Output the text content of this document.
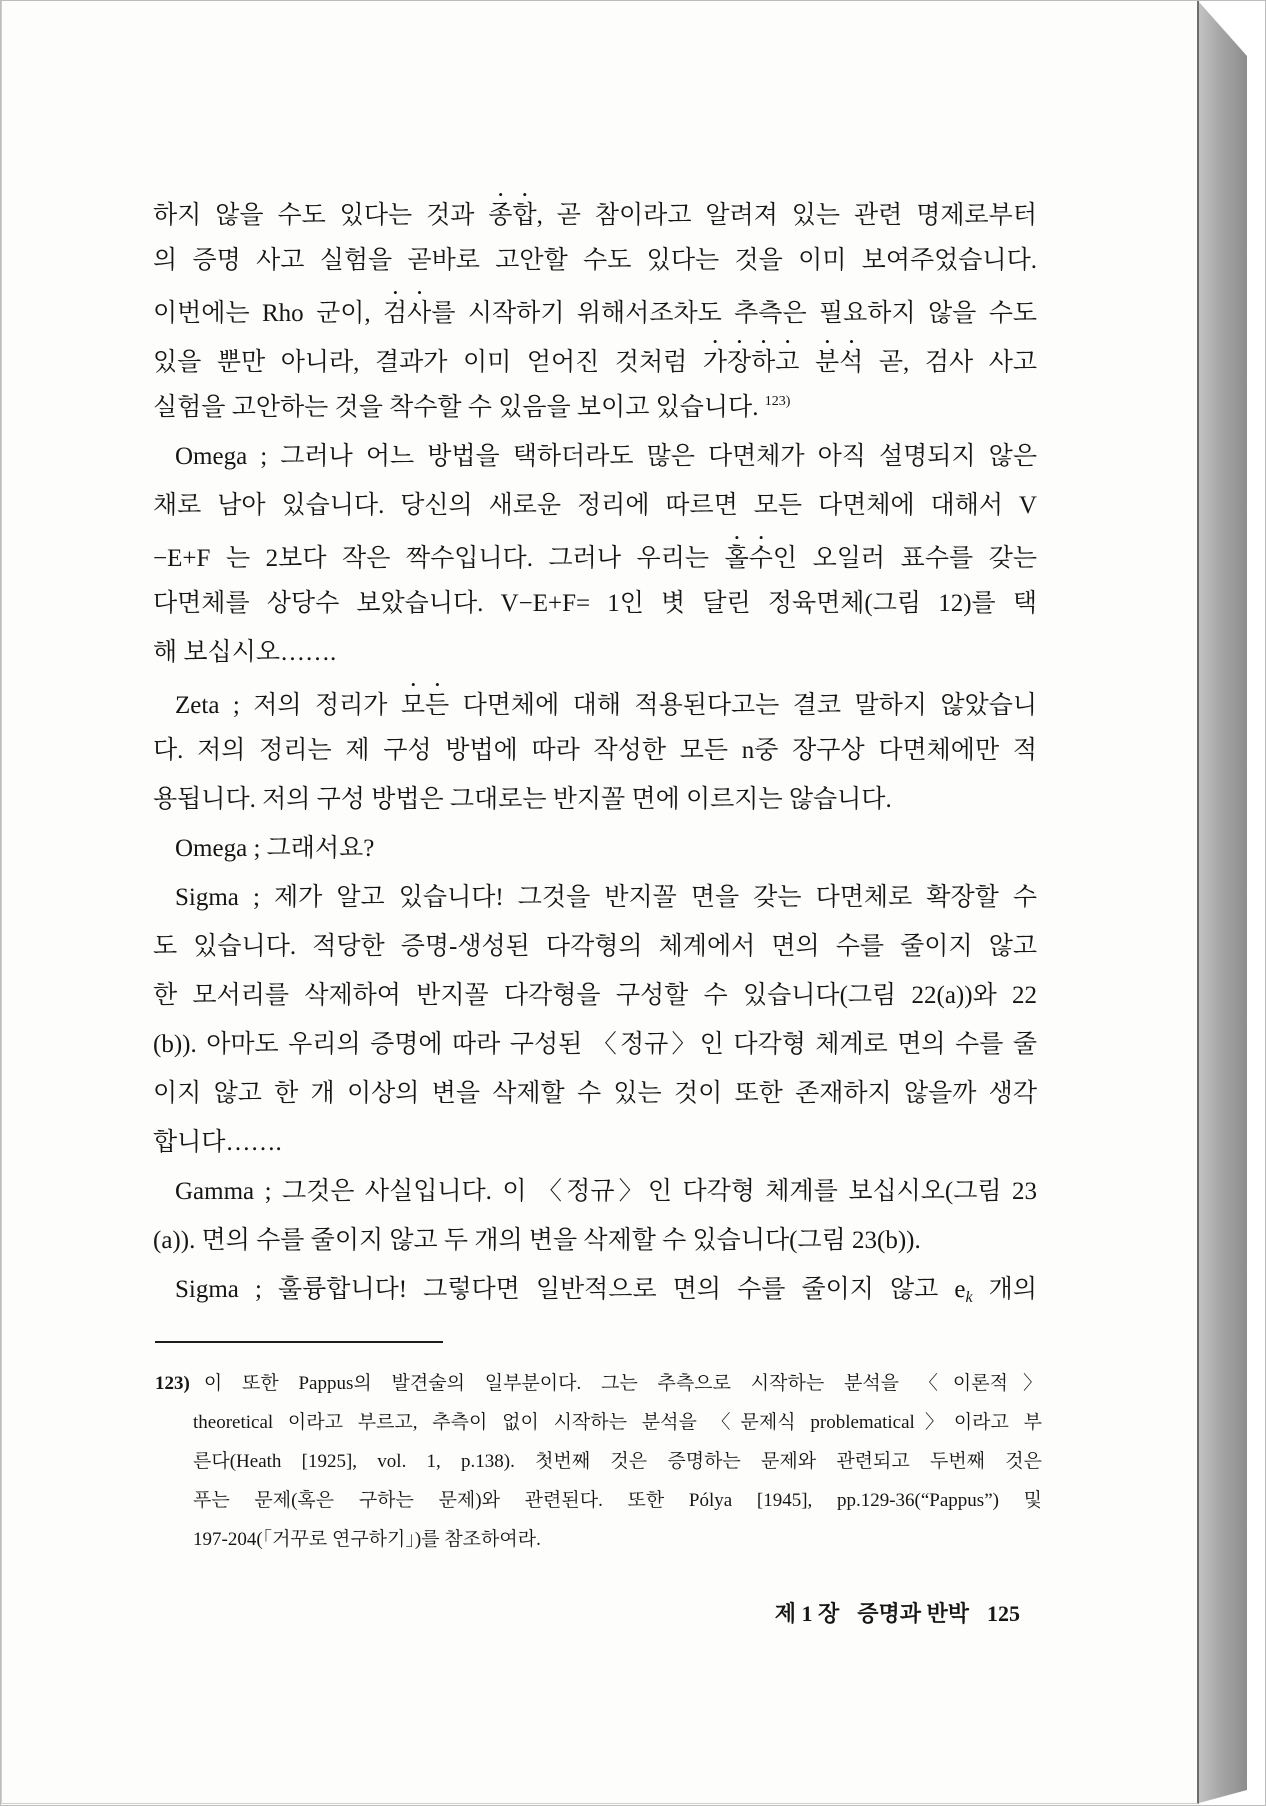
하지 않을 수도 있다는 것과 종합, 곧 참이라고 알려져 있는 관련 명제로부터
의 증명 사고 실험을 곧바로 고안할 수도 있다는 것을 이미 보여주었습니다.
이번에는 Rho 군이, 검사를 시작하기 위해서조차도 추측은 필요하지 않을 수도
있을 뿐만 아니라, 결과가 이미 얻어진 것처럼 가장하고 분석 곧, 검사 사고
실험을 고안하는 것을 착수할 수 있음을 보이고 있습니다. $^{123)}$
Omega ; 그러나 어느 방법을 택하더라도 많은 다면체가 아직 설명되지 않은
채로 남아 있습니다. 당신의 새로운 정리에 따르면 모든 다면체에 대해서 V
−E+F 는 2보다 작은 짝수입니다. 그러나 우리는 홀수인 오일러 표수를 갖는
다면체를 상당수 보았습니다. V−E+F= 1인 볏 달린 정육면체(그림 12)를 택
해 보십시오…….
Zeta ; 저의 정리가 모든 다면체에 대해 적용된다고는 결코 말하지 않았습니
다. 저의 정리는 제 구성 방법에 따라 작성한 모든 n중 장구상 다면체에만 적
용됩니다. 저의 구성 방법은 그대로는 반지꼴 면에 이르지는 않습니다.
Omega ; 그래서요?
Sigma ; 제가 알고 있습니다! 그것을 반지꼴 면을 갖는 다면체로 확장할 수
도 있습니다. 적당한 증명-생성된 다각형의 체계에서 면의 수를 줄이지 않고
한 모서리를 삭제하여 반지꼴 다각형을 구성할 수 있습니다(그림 22(a))와 22
(b)). 아마도 우리의 증명에 따라 구성된 〈정규〉인 다각형 체계로 면의 수를 줄
이지 않고 한 개 이상의 변을 삭제할 수 있는 것이 또한 존재하지 않을까 생각
합니다…….
Gamma ; 그것은 사실입니다. 이 〈정규〉인 다각형 체계를 보십시오(그림 23
(a)). 면의 수를 줄이지 않고 두 개의 변을 삭제할 수 있습니다(그림 23(b)).
Sigma ; 훌륭합니다! 그렇다면 일반적으로 면의 수를 줄이지 않고 $e_k$ 개의
123) 이 또한 Pappus의 발견술의 일부분이다. 그는 추측으로 시작하는 분석을 〈이론적〉
theoretical 이라고 부르고, 추측이 없이 시작하는 분석을 〈문제식 problematical〉이라고 부
른다(Heath [1925], vol. 1, p.138). 첫번째 것은 증명하는 문제와 관련되고 두번째 것은
푸는 문제(혹은 구하는 문제)와 관련된다. 또한 Pólya [1945], pp.129-36(“Pappus”) 및
197-204(「거꾸로 연구하기」)를 참조하여라.
제 1 장 증명과 반박 125
